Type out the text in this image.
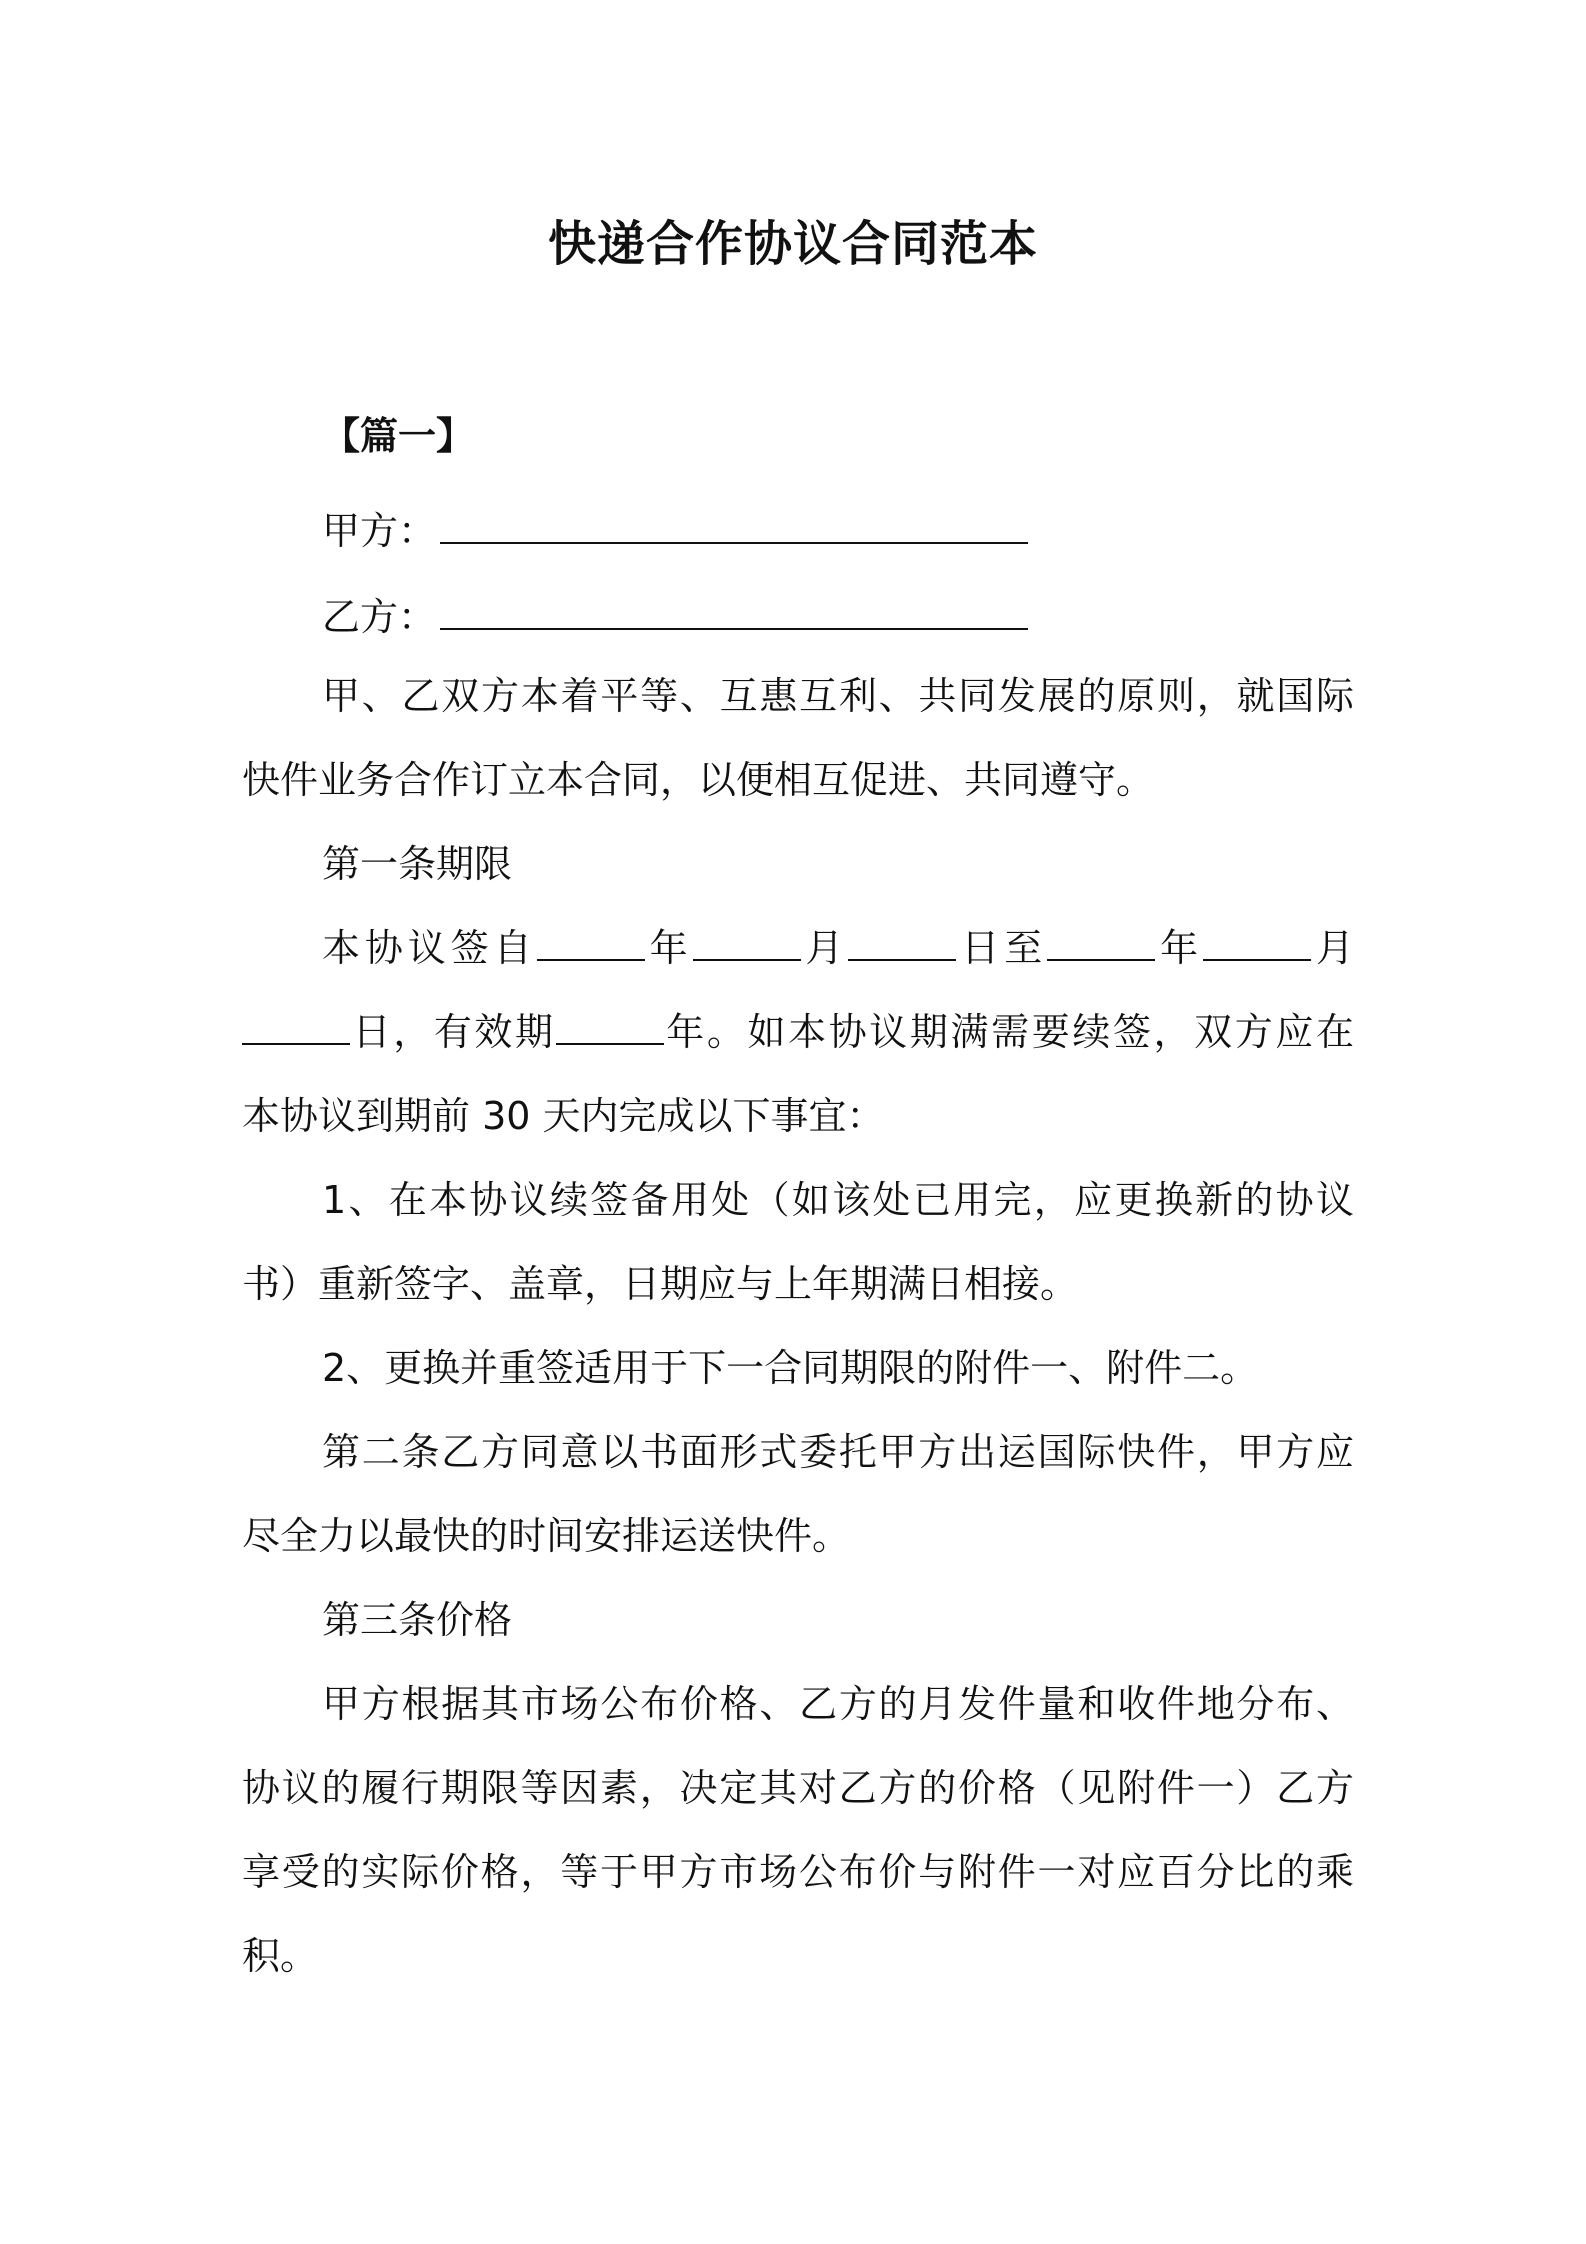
快递合作协议合同范本
【篇一】
甲方：
乙方：

甲、乙双方本着平等、互惠互利、共同发展的原则，就国际

快件业务合作订立本合同，以便相互促进、共同遵守。

第一条期限

本协议签自	年	月	日至	年	月
日，有效期	年。如本协议期满需要续签，双方应在

本协议到期前 30 天内完成以下事宜：

1、在本协议续签备用处（如该处已用完，应更换新的协议

书）重新签字、盖章，日期应与上年期满日相接。

2、更换并重签适用于下一合同期限的附件一、附件二。

第二条乙方同意以书面形式委托甲方出运国际快件，甲方应

尽全力以最快的时间安排运送快件。

第三条价格

甲方根据其市场公布价格、乙方的月发件量和收件地分布、

协议的履行期限等因素，决定其对乙方的价格（见附件一）乙方

享受的实际价格，等于甲方市场公布价与附件一对应百分比的乘

积。
